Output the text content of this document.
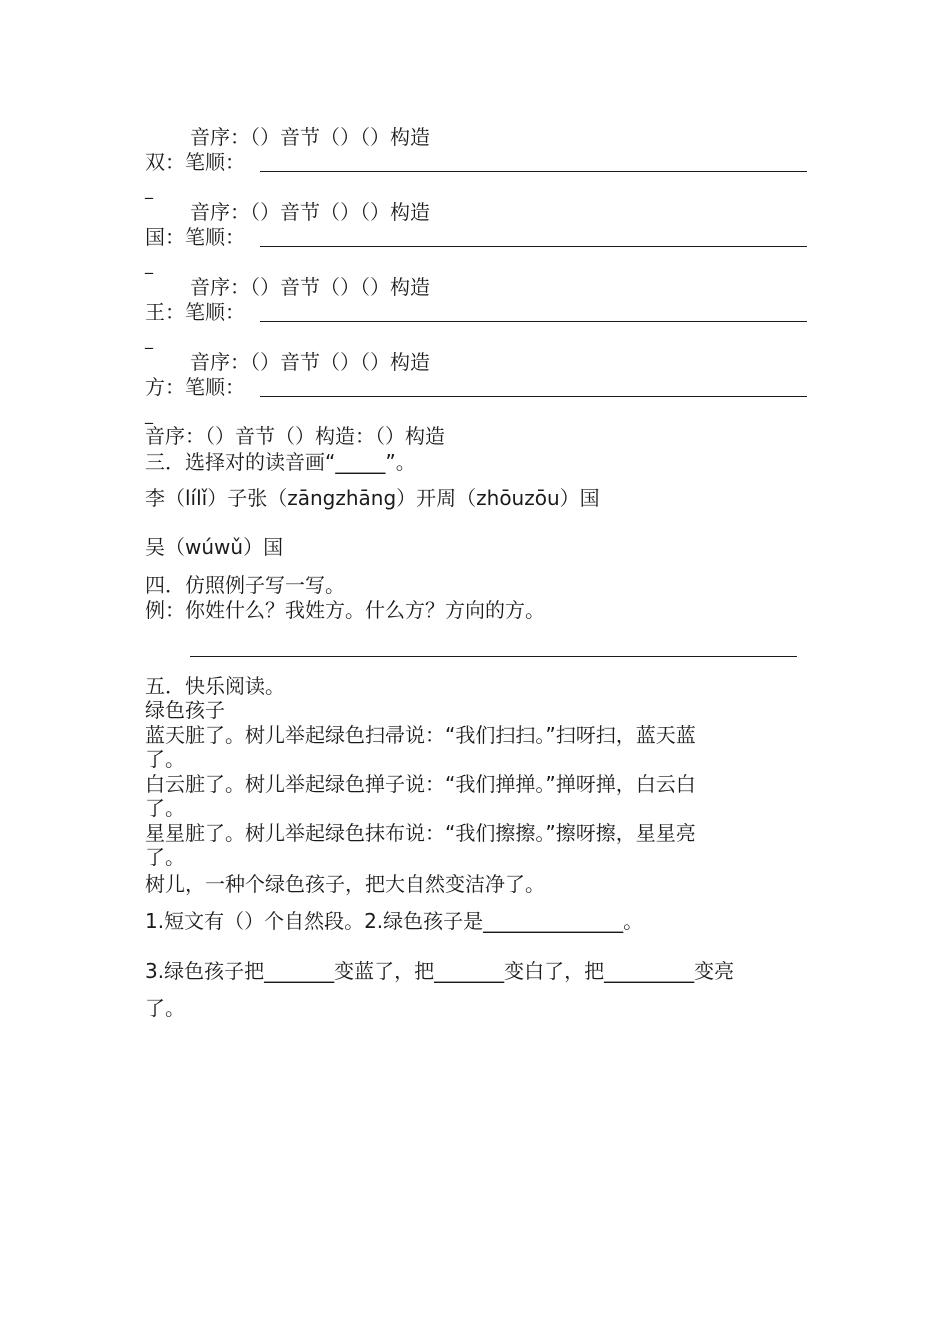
音序：（）音节（）（）构造
双：笔顺：
_
音序：（）音节（）（）构造
国：笔顺：
_
音序：（）音节（）（）构造
王：笔顺：
_
音序：（）音节（）（）构造
方：笔顺：
_
音序：（）音节（）构造：（）构造
三．选择对的读音画“_____”。
李（lílǐ）子张（zāngzhāng）开周（zhōuzōu）国
吴（wúwǔ）国
四．仿照例子写一写。
例：你姓什么？我姓方。什么方？方向的方。
五．快乐阅读。
绿色孩子
蓝天脏了。树儿举起绿色扫帚说：“我们扫扫。”扫呀扫，蓝天蓝
了。
白云脏了。树儿举起绿色掸子说：“我们掸掸。”掸呀掸，白云白
了。
星星脏了。树儿举起绿色抹布说：“我们擦擦。”擦呀擦，星星亮
了。
树儿，一种个绿色孩子，把大自然变洁净了。
1.短文有（）个自然段。2.绿色孩子是______________。
3.绿色孩子把_______变蓝了，把_______变白了，把_________变亮
了。
